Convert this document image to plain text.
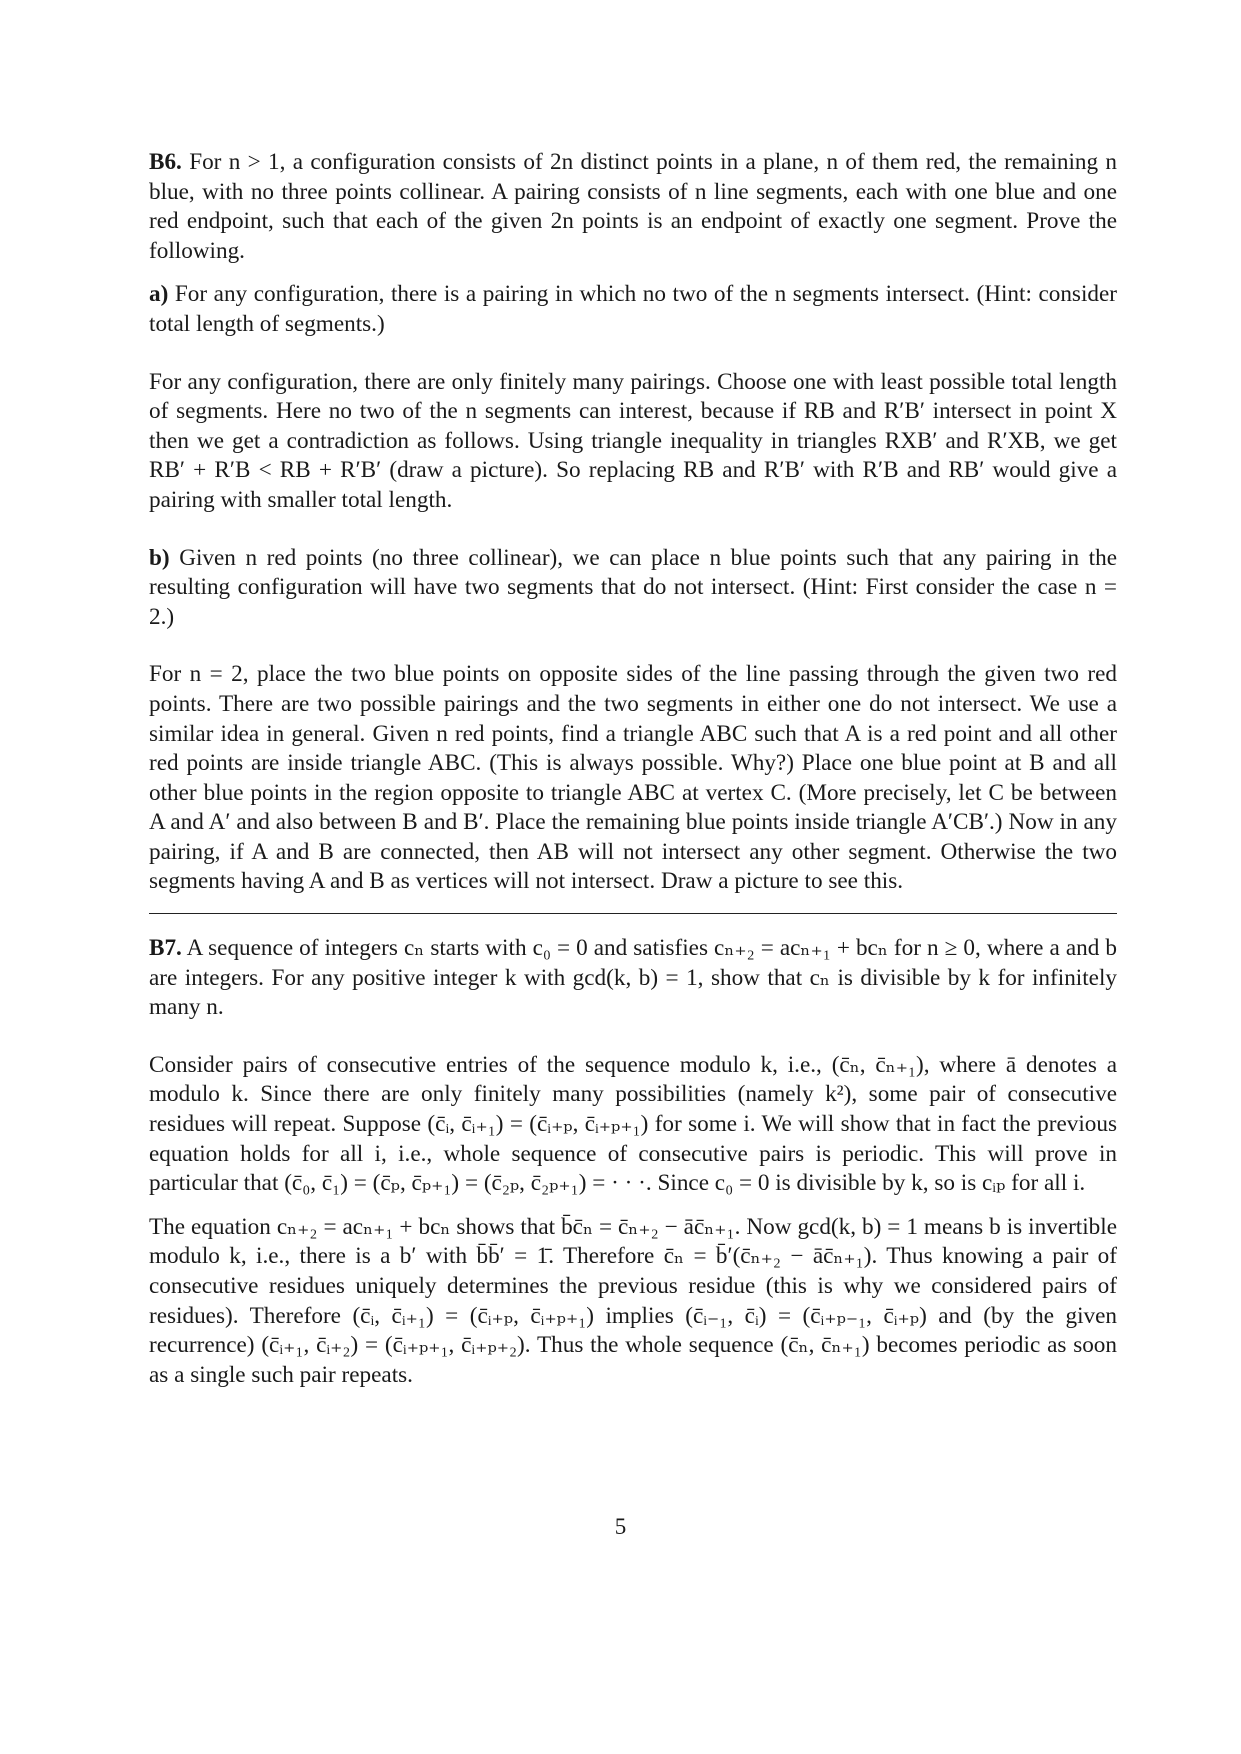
B6. For n > 1, a configuration consists of 2n distinct points in a plane, n of them red, the remaining n blue, with no three points collinear. A pairing consists of n line segments, each with one blue and one red endpoint, such that each of the given 2n points is an endpoint of exactly one segment. Prove the following.

a) For any configuration, there is a pairing in which no two of the n segments intersect. (Hint: consider total length of segments.)

For any configuration, there are only finitely many pairings. Choose one with least possible total length of segments. Here no two of the n segments can interest, because if RB and R′B′ intersect in point X then we get a contradiction as follows. Using triangle inequality in triangles RXB′ and R′XB, we get RB′ + R′B < RB + R′B′ (draw a picture). So replacing RB and R′B′ with R′B and RB′ would give a pairing with smaller total length.

b) Given n red points (no three collinear), we can place n blue points such that any pairing in the resulting configuration will have two segments that do not intersect. (Hint: First consider the case n = 2.)

For n = 2, place the two blue points on opposite sides of the line passing through the given two red points. There are two possible pairings and the two segments in either one do not intersect. We use a similar idea in general. Given n red points, find a triangle ABC such that A is a red point and all other red points are inside triangle ABC. (This is always possible. Why?) Place one blue point at B and all other blue points in the region opposite to triangle ABC at vertex C. (More precisely, let C be between A and A′ and also between B and B′. Place the remaining blue points inside triangle A′CB′.) Now in any pairing, if A and B are connected, then AB will not intersect any other segment. Otherwise the two segments having A and B as vertices will not intersect. Draw a picture to see this.

B7. A sequence of integers cₙ starts with c₀ = 0 and satisfies cₙ₊₂ = acₙ₊₁ + bcₙ for n ≥ 0, where a and b are integers. For any positive integer k with gcd(k, b) = 1, show that cₙ is divisible by k for infinitely many n.

Consider pairs of consecutive entries of the sequence modulo k, i.e., (c̄ₙ, c̄ₙ₊₁), where ā denotes a modulo k. Since there are only finitely many possibilities (namely k²), some pair of consecutive residues will repeat. Suppose (c̄ᵢ, c̄ᵢ₊₁) = (c̄ᵢ₊ₚ, c̄ᵢ₊ₚ₊₁) for some i. We will show that in fact the previous equation holds for all i, i.e., whole sequence of consecutive pairs is periodic. This will prove in particular that (c̄₀, c̄₁) = (c̄ₚ, c̄ₚ₊₁) = (c̄₂ₚ, c̄₂ₚ₊₁) = · · ·. Since c₀ = 0 is divisible by k, so is cᵢₚ for all i.

The equation cₙ₊₂ = acₙ₊₁ + bcₙ shows that b̄c̄ₙ = c̄ₙ₊₂ − āc̄ₙ₊₁. Now gcd(k, b) = 1 means b is invertible modulo k, i.e., there is a b′ with b̄b̄′ = 1̄. Therefore c̄ₙ = b̄′(c̄ₙ₊₂ − āc̄ₙ₊₁). Thus knowing a pair of consecutive residues uniquely determines the previous residue (this is why we considered pairs of residues). Therefore (c̄ᵢ, c̄ᵢ₊₁) = (c̄ᵢ₊ₚ, c̄ᵢ₊ₚ₊₁) implies (c̄ᵢ₋₁, c̄ᵢ) = (c̄ᵢ₊ₚ₋₁, c̄ᵢ₊ₚ) and (by the given recurrence) (c̄ᵢ₊₁, c̄ᵢ₊₂) = (c̄ᵢ₊ₚ₊₁, c̄ᵢ₊ₚ₊₂). Thus the whole sequence (c̄ₙ, c̄ₙ₊₁) becomes periodic as soon as a single such pair repeats.

5
